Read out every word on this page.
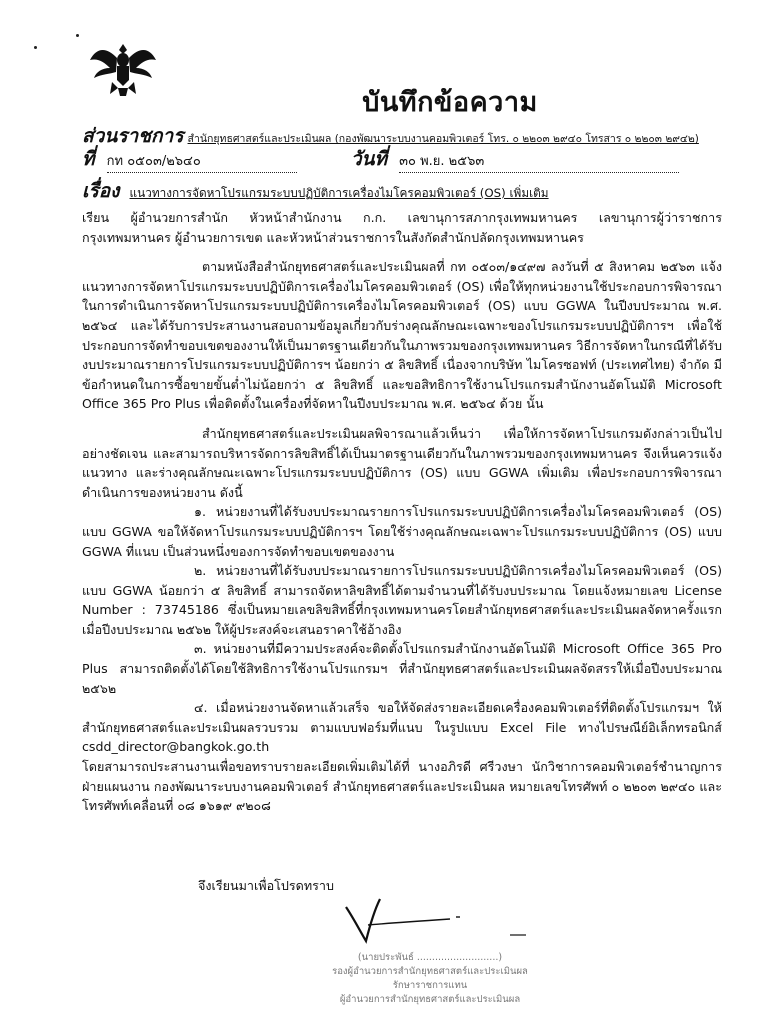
บันทึกข้อความ
ส่วนราชการ สำนักยุทธศาสตร์และประเมินผล (กองพัฒนาระบบงานคอมพิวเตอร์ โทร. ๐ ๒๒๐๓ ๒๙๔๐ โทรสาร ๐ ๒๒๐๓ ๒๙๔๒)
ที่ กท ๐๕๐๓/๒๖๔๐	วันที่ ๓๐ พ.ย. ๒๕๖๓
เรื่อง แนวทางการจัดหาโปรแกรมระบบปฏิบัติการเครื่องไมโครคอมพิวเตอร์ (OS) เพิ่มเติม

เรียน ผู้อำนวยการสำนัก หัวหน้าสำนักงาน ก.ก. เลขานุการสภากรุงเทพมหานคร เลขานุการผู้ว่าราชการกรุงเทพมหานคร ผู้อำนวยการเขต และหัวหน้าส่วนราชการในสังกัดสำนักปลัดกรุงเทพมหานคร

ตามหนังสือสำนักยุทธศาสตร์และประเมินผลที่ กท ๐๕๐๓/๑๔๙๗ ลงวันที่ ๕ สิงหาคม ๒๕๖๓ แจ้งแนวทางการจัดหาโปรแกรมระบบปฏิบัติการเครื่องไมโครคอมพิวเตอร์ (OS) เพื่อให้ทุกหน่วยงานใช้ประกอบการพิจารณาในการดำเนินการจัดหาโปรแกรมระบบปฏิบัติการเครื่องไมโครคอมพิวเตอร์ (OS) แบบ GGWA ในปีงบประมาณ พ.ศ. ๒๕๖๔ และได้รับการประสานงานสอบถามข้อมูลเกี่ยวกับร่างคุณลักษณะเฉพาะของโปรแกรมระบบปฏิบัติการฯ เพื่อใช้ประกอบการจัดทำขอบเขตของงานให้เป็นมาตรฐานเดียวกันในภาพรวมของกรุงเทพมหานคร วิธีการจัดหาในกรณีที่ได้รับงบประมาณรายการโปรแกรมระบบปฏิบัติการฯ น้อยกว่า ๕ ลิขสิทธิ์ เนื่องจากบริษัท ไมโครซอฟท์ (ประเทศไทย) จำกัด มีข้อกำหนดในการซื้อขายขั้นต่ำไม่น้อยกว่า ๕ ลิขสิทธิ์ และขอสิทธิการใช้งานโปรแกรมสำนักงานอัตโนมัติ Microsoft Office 365 Pro Plus เพื่อติดตั้งในเครื่องที่จัดหาในปีงบประมาณ พ.ศ. ๒๕๖๔ ด้วย นั้น

สำนักยุทธศาสตร์และประเมินผลพิจารณาแล้วเห็นว่า เพื่อให้การจัดหาโปรแกรมดังกล่าวเป็นไปอย่างชัดเจน และสามารถบริหารจัดการลิขสิทธิ์ได้เป็นมาตรฐานเดียวกันในภาพรวมของกรุงเทพมหานคร จึงเห็นควรแจ้งแนวทาง และร่างคุณลักษณะเฉพาะโปรแกรมระบบปฏิบัติการ (OS) แบบ GGWA เพิ่มเติม เพื่อประกอบการพิจารณาดำเนินการของหน่วยงาน ดังนี้

๑. หน่วยงานที่ได้รับงบประมาณรายการโปรแกรมระบบปฏิบัติการเครื่องไมโครคอมพิวเตอร์ (OS) แบบ GGWA ขอให้จัดหาโปรแกรมระบบปฏิบัติการฯ โดยใช้ร่างคุณลักษณะเฉพาะโปรแกรมระบบปฏิบัติการ (OS) แบบ GGWA ที่แนบ เป็นส่วนหนึ่งของการจัดทำขอบเขตของงาน

๒. หน่วยงานที่ได้รับงบประมาณรายการโปรแกรมระบบปฏิบัติการเครื่องไมโครคอมพิวเตอร์ (OS) แบบ GGWA น้อยกว่า ๕ ลิขสิทธิ์ สามารถจัดหาลิขสิทธิ์ได้ตามจำนวนที่ได้รับงบประมาณ โดยแจ้งหมายเลข License Number : 73745186 ซึ่งเป็นหมายเลขลิขสิทธิ์ที่กรุงเทพมหานครโดยสำนักยุทธศาสตร์และประเมินผลจัดหาครั้งแรกเมื่อปีงบประมาณ ๒๕๖๒ ให้ผู้ประสงค์จะเสนอราคาใช้อ้างอิง

๓. หน่วยงานที่มีความประสงค์จะติดตั้งโปรแกรมสำนักงานอัตโนมัติ Microsoft Office 365 Pro Plus สามารถติดตั้งได้โดยใช้สิทธิการใช้งานโปรแกรมฯ ที่สำนักยุทธศาสตร์และประเมินผลจัดสรรให้เมื่อปีงบประมาณ ๒๕๖๒

๔. เมื่อหน่วยงานจัดหาแล้วเสร็จ ขอให้จัดส่งรายละเอียดเครื่องคอมพิวเตอร์ที่ติดตั้งโปรแกรมฯ ให้สำนักยุทธศาสตร์และประเมินผลรวบรวม ตามแบบฟอร์มที่แนบ ในรูปแบบ Excel File ทางไปรษณีย์อิเล็กทรอนิกส์ csdd_director@bangkok.go.th

โดยสามารถประสานงานเพื่อขอทราบรายละเอียดเพิ่มเติมได้ที่ นางอภิรดี ศรีวงษา นักวิชาการคอมพิวเตอร์ชำนาญการ ฝ่ายแผนงาน กองพัฒนาระบบงานคอมพิวเตอร์ สำนักยุทธศาสตร์และประเมินผล หมายเลขโทรศัพท์ ๐ ๒๒๐๓ ๒๙๔๐ และโทรศัพท์เคลื่อนที่ ๐๘ ๑๖๑๙ ๙๒๐๘

จึงเรียนมาเพื่อโปรดทราบ
(นายประพันธ์ ...........................)
รองผู้อำนวยการสำนักยุทธศาสตร์และประเมินผล
รักษาราชการแทน
ผู้อำนวยการสำนักยุทธศาสตร์และประเมินผล
